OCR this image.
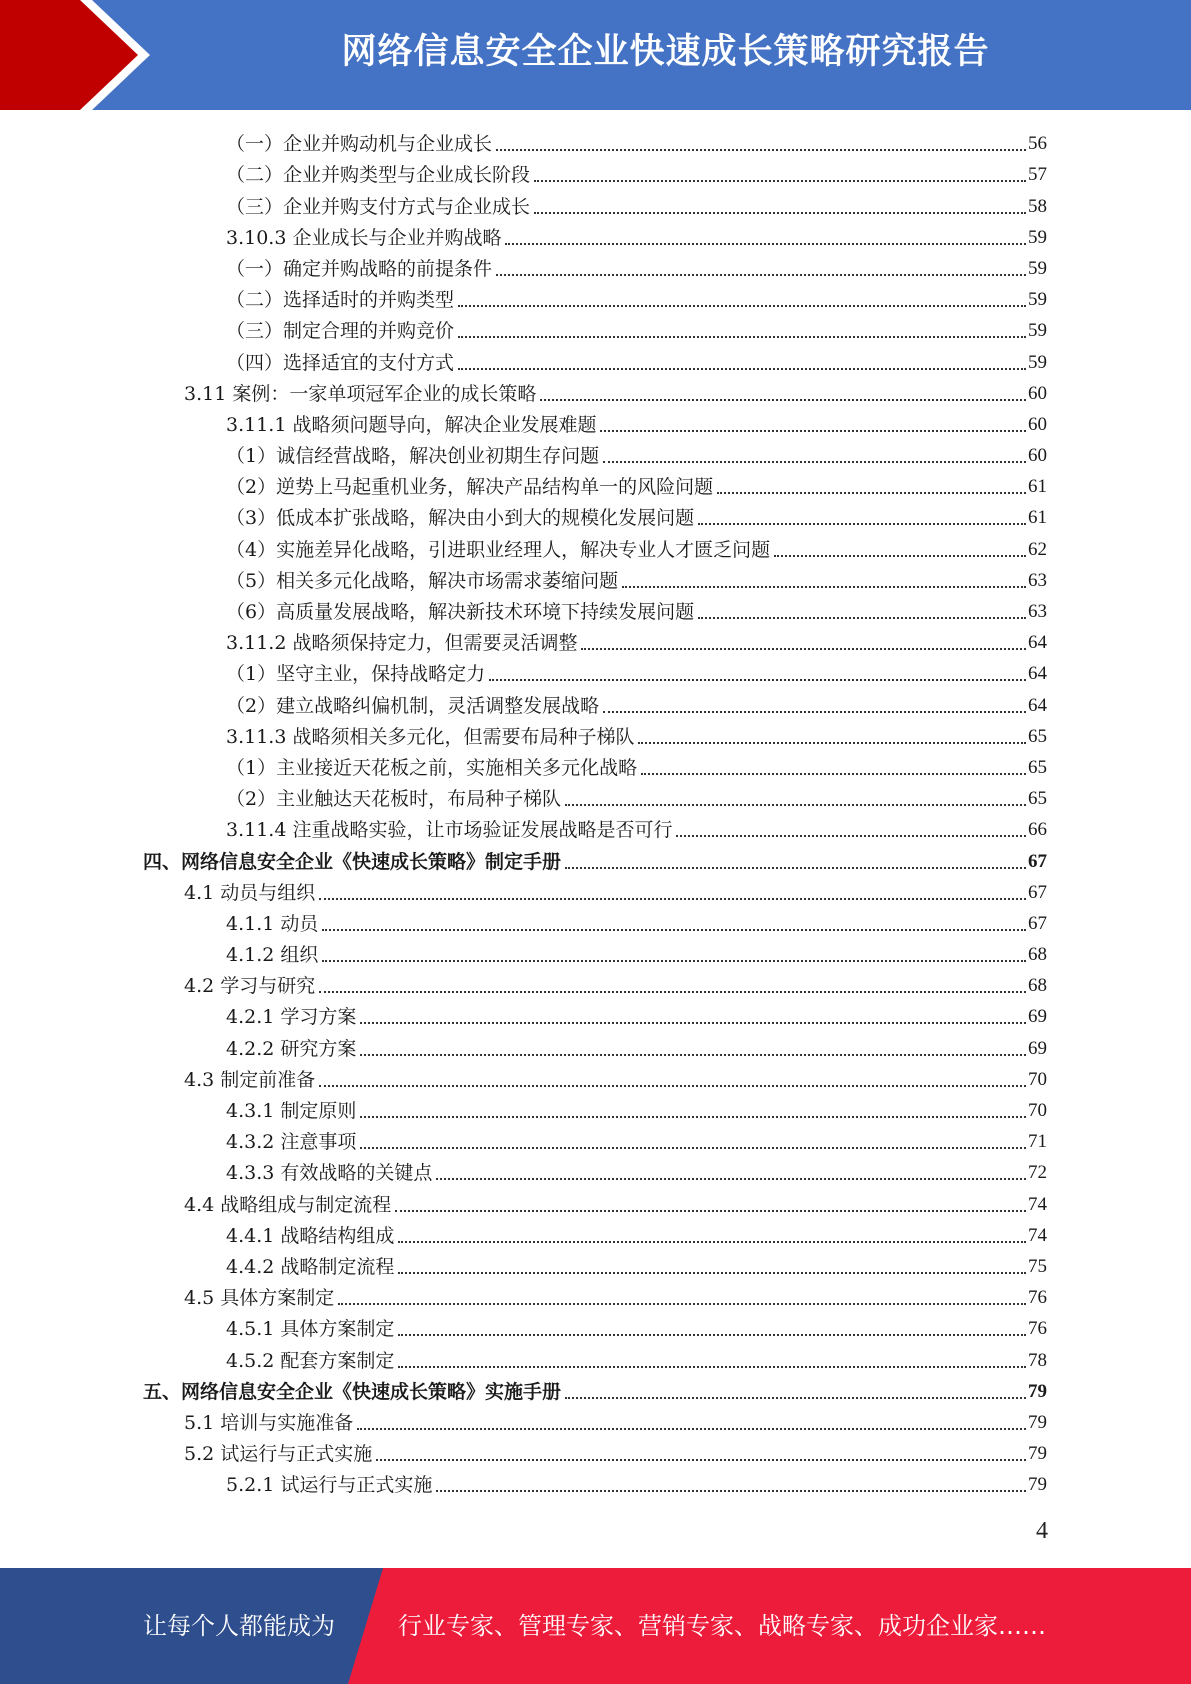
网络信息安全企业快速成长策略研究报告
（一）企业并购动机与企业成长	56
（二）企业并购类型与企业成长阶段	57
（三）企业并购支付方式与企业成长	58
3.10.3 企业成长与企业并购战略	59
（一）确定并购战略的前提条件	59
（二）选择适时的并购类型	59
（三）制定合理的并购竞价	59
（四）选择适宜的支付方式	59
3.11 案例：一家单项冠军企业的成长策略	60
3.11.1 战略须问题导向，解决企业发展难题	60
（1）诚信经营战略，解决创业初期生存问题	60
（2）逆势上马起重机业务，解决产品结构单一的风险问题	61
（3）低成本扩张战略，解决由小到大的规模化发展问题	61
（4）实施差异化战略，引进职业经理人，解决专业人才匮乏问题	62
（5）相关多元化战略，解决市场需求萎缩问题	63
（6）高质量发展战略，解决新技术环境下持续发展问题	63
3.11.2 战略须保持定力，但需要灵活调整	64
（1）坚守主业，保持战略定力	64
（2）建立战略纠偏机制，灵活调整发展战略	64
3.11.3 战略须相关多元化，但需要布局种子梯队	65
（1）主业接近天花板之前，实施相关多元化战略	65
（2）主业触达天花板时，布局种子梯队	65
3.11.4 注重战略实验，让市场验证发展战略是否可行	66
四、网络信息安全企业《快速成长策略》制定手册	67
4.1 动员与组织	67
4.1.1 动员	67
4.1.2 组织	68
4.2 学习与研究	68
4.2.1 学习方案	69
4.2.2 研究方案	69
4.3 制定前准备	70
4.3.1 制定原则	70
4.3.2 注意事项	71
4.3.3 有效战略的关键点	72
4.4 战略组成与制定流程	74
4.4.1 战略结构组成	74
4.4.2 战略制定流程	75
4.5 具体方案制定	76
4.5.1 具体方案制定	76
4.5.2 配套方案制定	78
五、网络信息安全企业《快速成长策略》实施手册	79
5.1 培训与实施准备	79
5.2 试运行与正式实施	79
5.2.1 试运行与正式实施	79
4
让每个人都能成为	行业专家、管理专家、营销专家、战略专家、成功企业家……
